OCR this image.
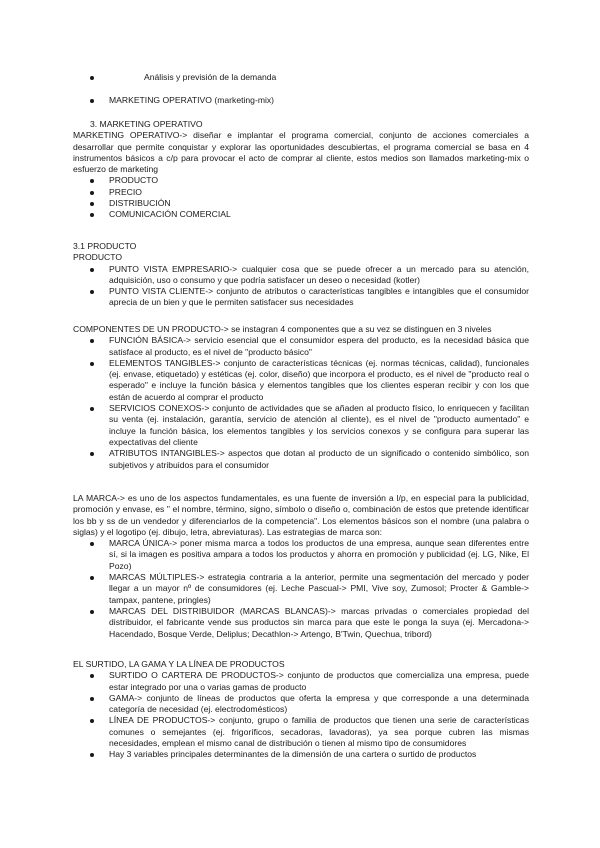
Análisis y previsión de la demanda
MARKETING OPERATIVO (marketing-mix)

3. MARKETING OPERATIVO

MARKETING OPERATIVO-> diseñar e implantar el programa comercial, conjunto de acciones comerciales a desarrollar que permite conquistar y explorar las oportunidades descubiertas, el programa comercial se basa en 4 instrumentos básicos a c/p para provocar el acto de comprar al cliente, estos medios son llamados marketing-mix o esfuerzo de marketing

PRODUCTO
PRECIO
DISTRIBUCIÓN
COMUNICACIÓN COMERCIAL

3.1 PRODUCTO

PRODUCTO

PUNTO VISTA EMPRESARIO-> cualquier cosa que se puede ofrecer a un mercado para su atención, adquisición, uso o consumo y que podría satisfacer un deseo o necesidad (kotler)
PUNTO VISTA CLIENTE-> conjunto de atributos o características tangibles e intangibles que el consumidor aprecia de un bien y que le permiten satisfacer sus necesidades

COMPONENTES DE UN PRODUCTO-> se instagran 4 componentes que a su vez se distinguen en 3 niveles

FUNCIÓN BÁSICA-> servicio esencial que el consumidor espera del producto, es la necesidad básica que satisface al producto, es el nivel de "producto básico"
ELEMENTOS TANGIBLES-> conjunto de características técnicas (ej. normas técnicas, calidad), funcionales (ej. envase, etiquetado) y estéticas (ej. color, diseño) que incorpora el producto, es el nivel de "producto real o esperado" e incluye la función básica y elementos tangibles que los clientes esperan recibir y con los que están de acuerdo al comprar el producto
SERVICIOS CONEXOS-> conjunto de actividades que se añaden al producto físico, lo enriquecen y facilitan su venta (ej. instalación, garantía, servicio de atención al cliente), es el nivel de "producto aumentado" e incluye la función básica, los elementos tangibles y los servicios conexos y se configura para superar las expectativas del cliente
ATRIBUTOS INTANGIBLES-> aspectos que dotan al producto de un significado o contenido simbólico, son subjetivos y atribuidos para el consumidor

LA MARCA-> es uno de los aspectos fundamentales, es una fuente de inversión a l/p, en especial para la publicidad, promoción y envase, es " el nombre, término, signo, símbolo o diseño o, combinación de estos que pretende identificar los bb y ss de un vendedor y diferenciarlos de la competencia". Los elementos básicos son el nombre (una palabra o siglas) y el logotipo (ej. dibujo, letra, abreviaturas). Las estrategias de marca son:

MARCA ÚNICA-> poner misma marca a todos los productos de una empresa, aunque sean diferentes entre sí, si la imagen es positiva ampara a todos los productos y ahorra en promoción y publicidad (ej. LG, Nike, El Pozo)
MARCAS MÚLTIPLES-> estrategia contraria a la anterior, permite una segmentación del mercado y poder llegar a un mayor nº de consumidores (ej. Leche Pascual-> PMI, Vive soy, Zumosol; Procter & Gamble-> tampax, pantene, pringles)
MARCAS DEL DISTRIBUIDOR (MARCAS BLANCAS)-> marcas privadas o comerciales propiedad del distribuidor, el fabricante vende sus productos sin marca para que este le ponga la suya (ej. Mercadona-> Hacendado, Bosque Verde, Deliplus; Decathlon-> Artengo, B'Twin, Quechua, tribord)

EL SURTIDO, LA GAMA Y LA LÍNEA DE PRODUCTOS

SURTIDO O CARTERA DE PRODUCTOS-> conjunto de productos que comercializa una empresa, puede estar integrado por una o varias gamas de producto
GAMA-> conjunto de líneas de productos que oferta la empresa y que corresponde a una determinada categoría de necesidad (ej. electrodomésticos)
LÍNEA DE PRODUCTOS-> conjunto, grupo o familia de productos que tienen una serie de características comunes o semejantes (ej. frigoríficos, secadoras, lavadoras), ya sea porque cubren las mismas necesidades, emplean el mismo canal de distribución o tienen al mismo tipo de consumidores
Hay 3 variables principales determinantes de la dimensión de una cartera o surtido de productos
